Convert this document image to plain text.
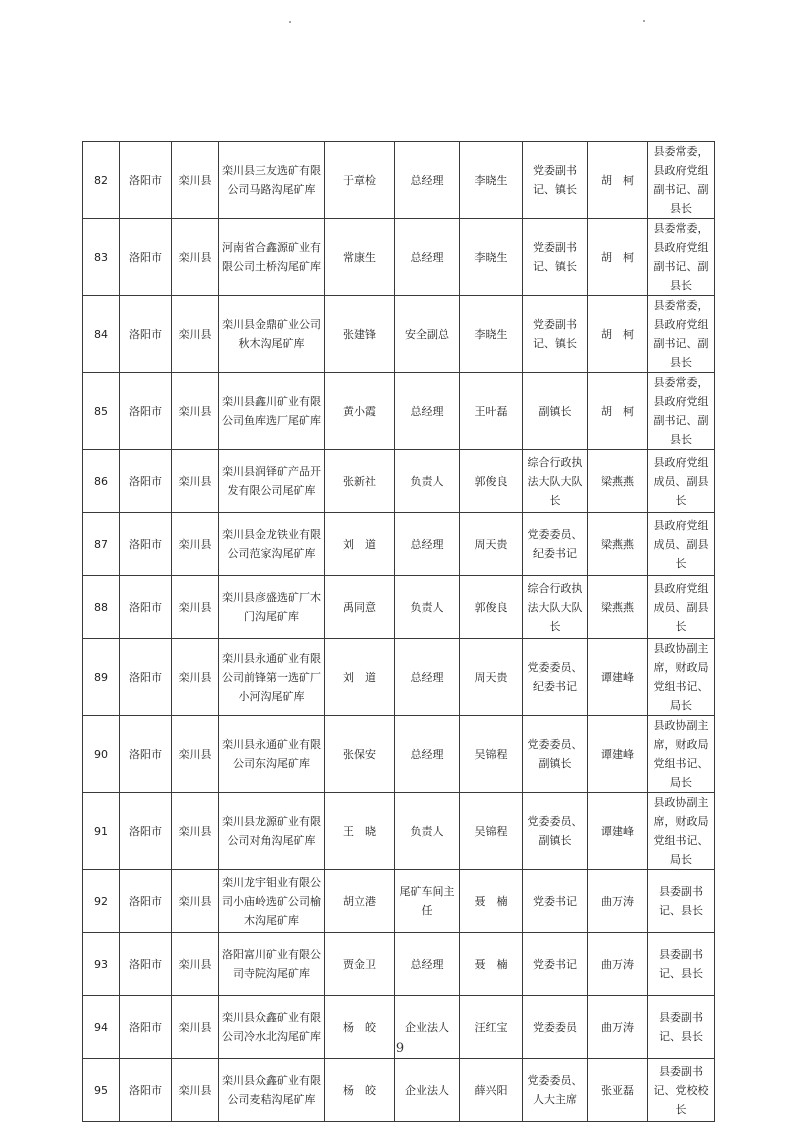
82	洛阳市	栾川县	栾川县三友选矿有限公司马路沟尾矿库	于章检	总经理	李晓生	党委副书记、镇长	胡　柯	县委常委，县政府党组副书记、副县长
83	洛阳市	栾川县	河南省合鑫源矿业有限公司土桥沟尾矿库	常康生	总经理	李晓生	党委副书记、镇长	胡　柯	县委常委，县政府党组副书记、副县长
84	洛阳市	栾川县	栾川县金鼎矿业公司秋木沟尾矿库	张建锋	安全副总	李晓生	党委副书记、镇长	胡　柯	县委常委，县政府党组副书记、副县长
85	洛阳市	栾川县	栾川县鑫川矿业有限公司鱼库选厂尾矿库	黄小霞	总经理	王叶磊	副镇长	胡　柯	县委常委，县政府党组副书记、副县长
86	洛阳市	栾川县	栾川县润铎矿产品开发有限公司尾矿库	张新社	负责人	郭俊良	综合行政执法大队大队长	梁燕燕	县政府党组成员、副县长
87	洛阳市	栾川县	栾川县金龙铁业有限公司范家沟尾矿库	刘　道	总经理	周天贵	党委委员、纪委书记	梁燕燕	县政府党组成员、副县长
88	洛阳市	栾川县	栾川县彦盛选矿厂木门沟尾矿库	禹同意	负责人	郭俊良	综合行政执法大队大队长	梁燕燕	县政府党组成员、副县长
89	洛阳市	栾川县	栾川县永通矿业有限公司前锋第一选矿厂小河沟尾矿库	刘　道	总经理	周天贵	党委委员、纪委书记	谭建峰	县政协副主席，财政局党组书记、局长
90	洛阳市	栾川县	栾川县永通矿业有限公司东沟尾矿库	张保安	总经理	吴锦程	党委委员、副镇长	谭建峰	县政协副主席，财政局党组书记、局长
91	洛阳市	栾川县	栾川县龙源矿业有限公司对角沟尾矿库	王　晓	负责人	吴锦程	党委委员、副镇长	谭建峰	县政协副主席，财政局党组书记、局长
92	洛阳市	栾川县	栾川龙宇钼业有限公司小庙岭选矿公司榆木沟尾矿库	胡立港	尾矿车间主任	聂　楠	党委书记	曲万涛	县委副书记、县长
93	洛阳市	栾川县	洛阳富川矿业有限公司寺院沟尾矿库	贾金卫	总经理	聂　楠	党委书记	曲万涛	县委副书记、县长
94	洛阳市	栾川县	栾川县众鑫矿业有限公司冷水北沟尾矿库	杨　皎	企业法人	汪红宝	党委委员	曲万涛	县委副书记、县长
95	洛阳市	栾川县	栾川县众鑫矿业有限公司麦秸沟尾矿库	杨　皎	企业法人	薛兴阳	党委委员、人大主席	张亚磊	县委副书记、党校校长
9
